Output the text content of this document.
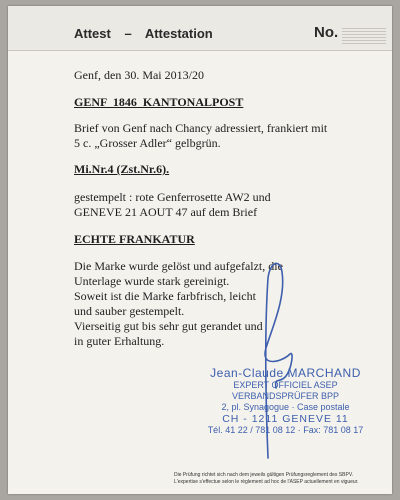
Attest – Attestation	No.
Genf, den 30. Mai 2013/20
GENF 1846 KANTONALPOST
Brief von Genf nach Chancy adressiert, frankiert mit
5 c. „Grosser Adler“ gelbgrün.
Mi.Nr.4 (Zst.Nr.6).
gestempelt : rote Genferrosette AW2 und
GENEVE 21 AOUT 47 auf dem Brief
ECHTE FRANKATUR
Die Marke wurde gelöst und aufgefalzt, die
Unterlage wurde stark gereinigt.
Soweit ist die Marke farbfrisch, leicht
und sauber gestempelt.
Vierseitig gut bis sehr gut gerandet und
in guter Erhaltung.
Jean-Claude MARCHAND
EXPERT OFFICIEL ASEP
VERBANDSPRÜFER BPP
2, pl. Synagogue · Case postale
CH - 1211 GENEVE 11
Tél. 41 22 / 781 08 12 · Fax: 781 08 17
Die Prüfung richtet sich nach dem jeweils gültigen Prüfungsreglement des SBPV.
L'expertise s'effectue selon le règlement ad hoc de l'ASEP actuellement en vigueur.
